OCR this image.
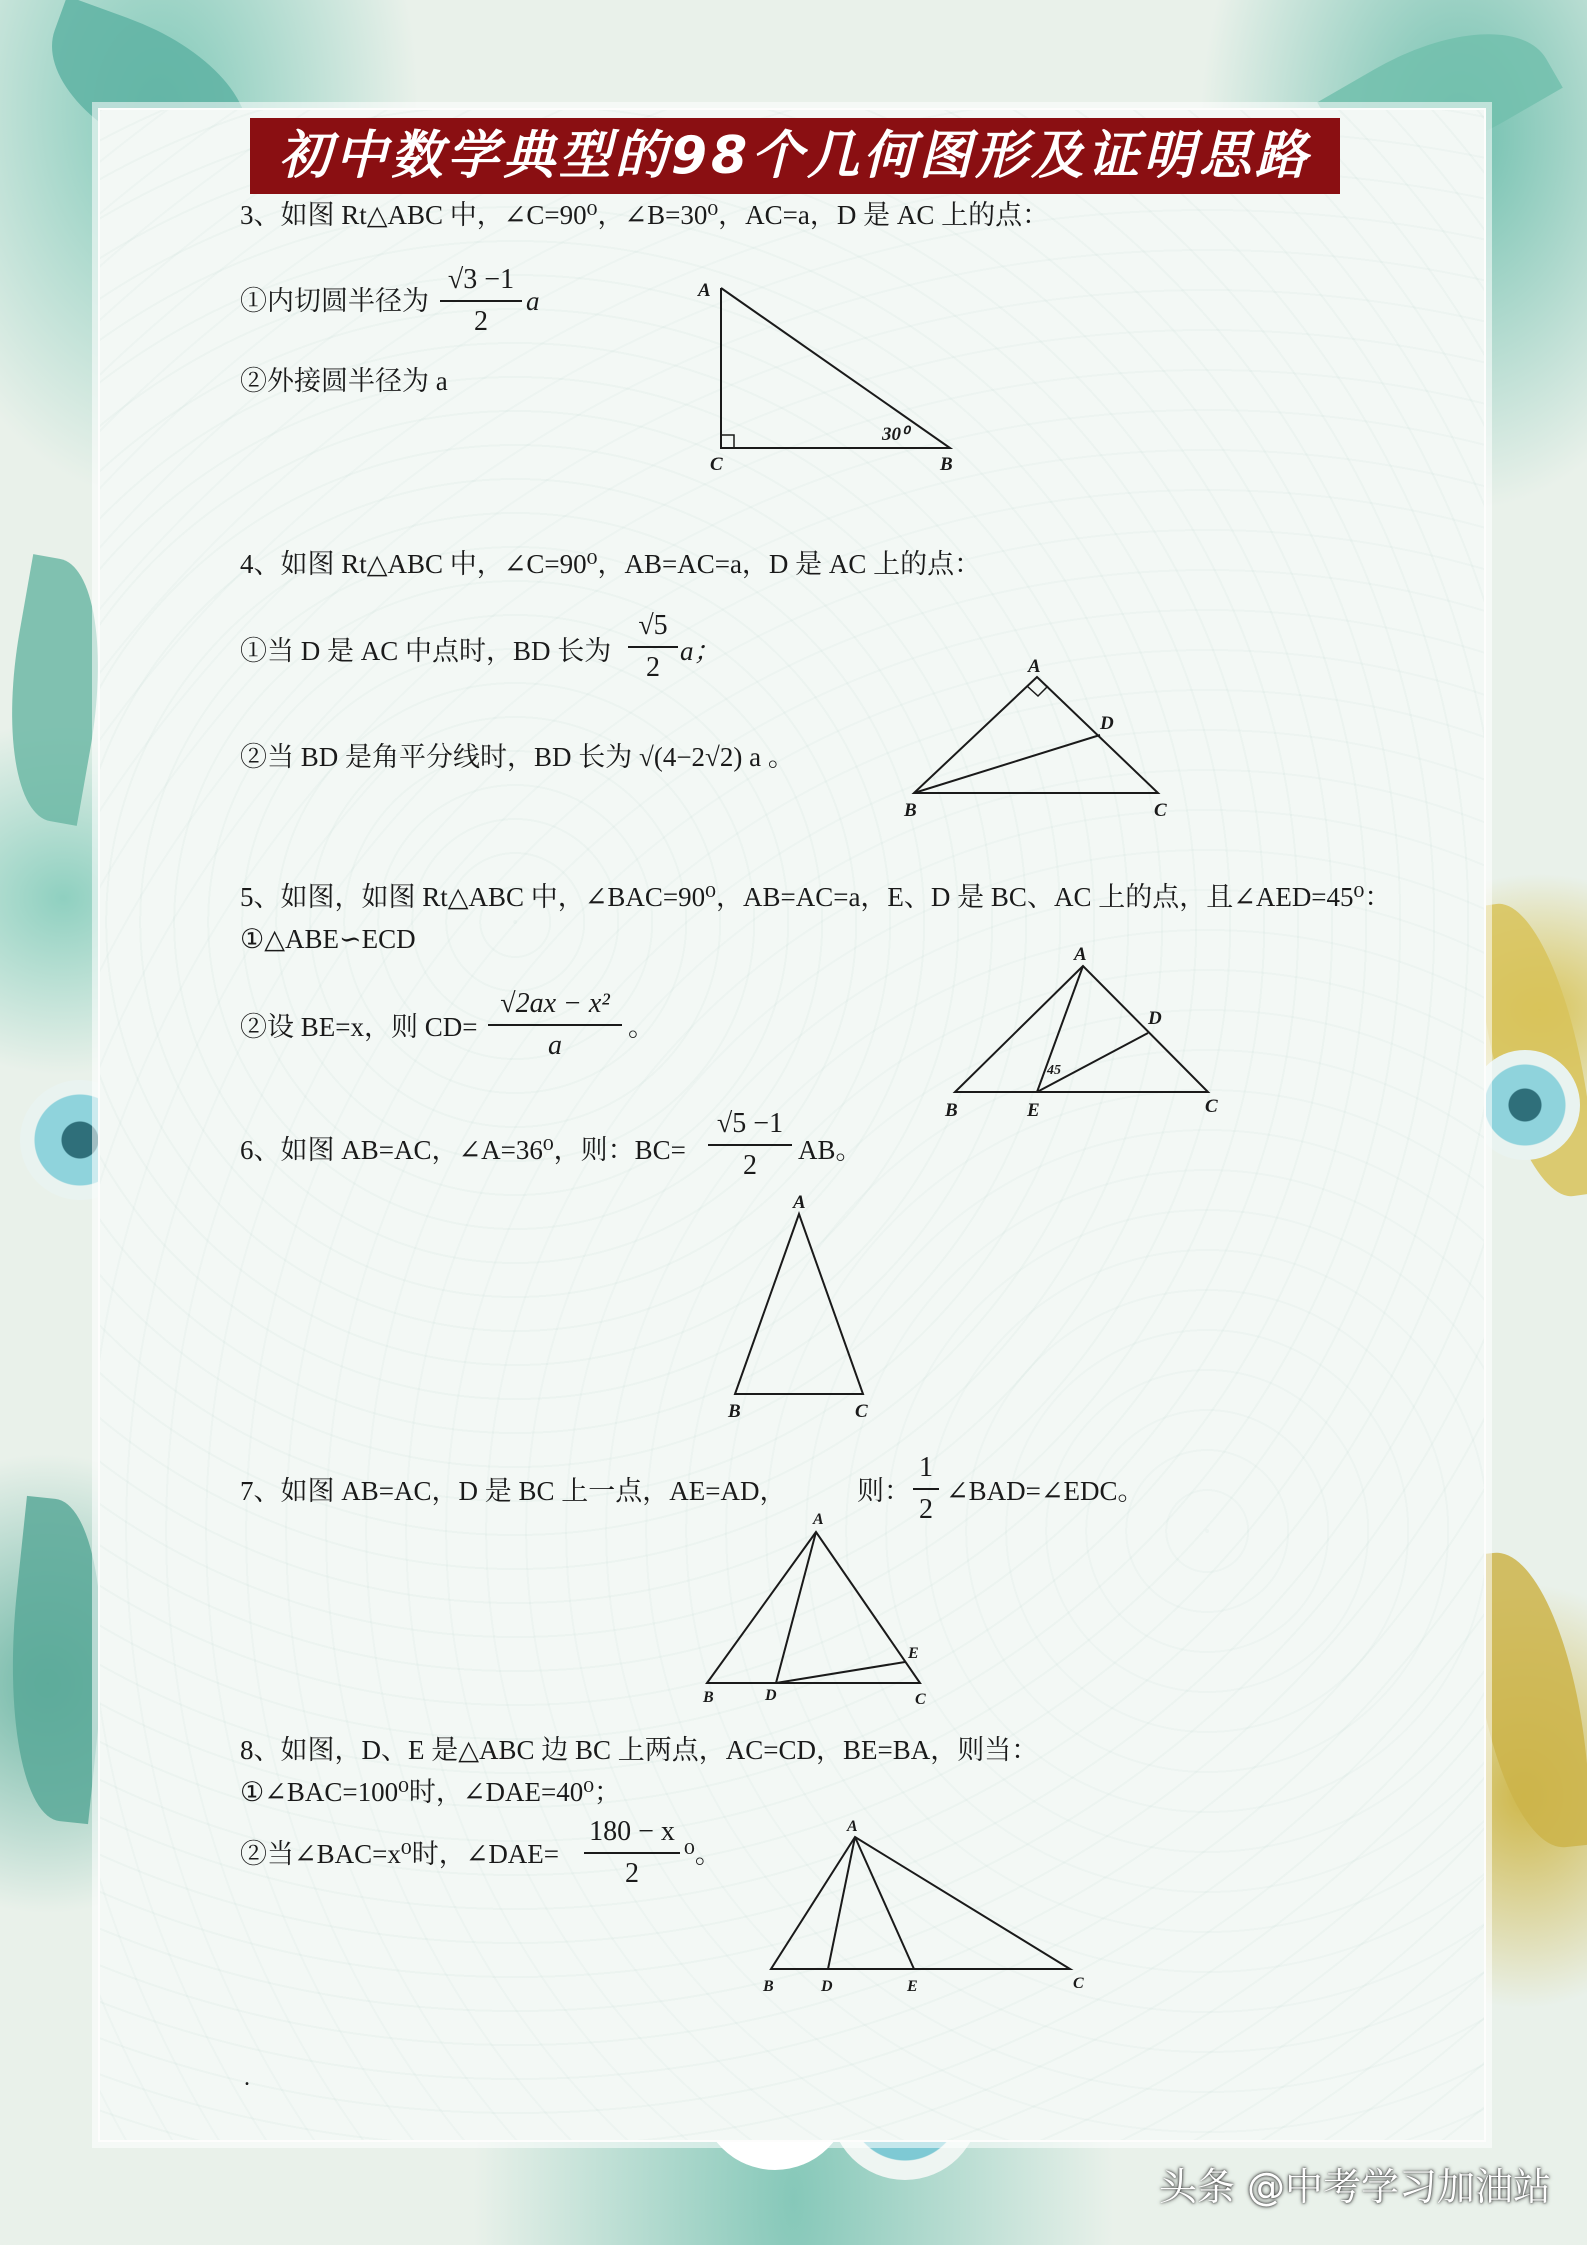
初中数学典型的98个几何图形及证明思路
3、如图 Rt△ABC 中，∠C=90⁰，∠B=30⁰，AC=a，D 是 AC 上的点：
①内切圆半径为
√3 −1
2
a
②外接圆半径为 a
A
C	B
30⁰
4、如图 Rt△ABC 中，∠C=90⁰，AB=AC=a，D 是 AC 上的点：
①当 D 是 AC 中点时，BD 长为
√5
2
a；
②当 BD 是角平分线时，BD 长为 √(4−2√2) a 。
A
D
B	C
5、如图，如图 Rt△ABC 中，∠BAC=90⁰，AB=AC=a，E、D 是 BC、AC 上的点，且∠AED=45⁰：
①△ABE∽ECD
②设 BE=x，则 CD=
√2ax − x²
a
。
A
D
45
B	E	C
6、如图 AB=AC，∠A=36⁰，则：BC=
√5 −1
2	AB。
A
B	C
7、如图 AB=AC，D 是 BC 上一点，AE=AD，	则：
1
2
∠BAD=∠EDC。
A
E
B	D	C
8、如图，D、E 是△ABC 边 BC 上两点，AC=CD，BE=BA，则当：
①∠BAC=100⁰时，∠DAE=40⁰；
②当∠BAC=x⁰时，∠DAE=
180 − x
2
⁰。
A
B	D	E	C
.
头条 @中考学习加油站
